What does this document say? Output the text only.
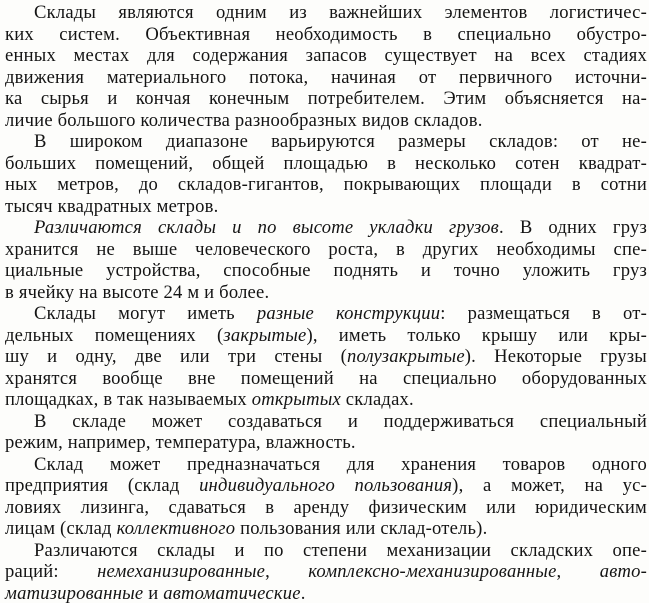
Склады являются одним из важнейших элементов логистичес-
ких систем. Объективная необходимость в специально обустро-
енных местах для содержания запасов существует на всех стадиях
движения материального потока, начиная от первичного источни-
ка сырья и кончая конечным потребителем. Этим объясняется на-
личие большого количества разнообразных видов складов.
В широком диапазоне варьируются размеры складов: от не-
больших помещений, общей площадью в несколько сотен квадрат-
ных метров, до складов-гигантов, покрывающих площади в сотни
тысяч квадратных метров.
Различаются склады и по высоте укладки грузов. В одних груз
хранится не выше человеческого роста, в других необходимы спе-
циальные устройства, способные поднять и точно уложить груз
в ячейку на высоте 24 м и более.
Склады могут иметь разные конструкции: размещаться в от-
дельных помещениях (закрытые), иметь только крышу или кры-
шу и одну, две или три стены (полузакрытые). Некоторые грузы
хранятся вообще вне помещений на специально оборудованных
площадках, в так называемых открытых складах.
В складе может создаваться и поддерживаться специальный
режим, например, температура, влажность.
Склад может предназначаться для хранения товаров одного
предприятия (склад индивидуального пользования), а может, на ус-
ловиях лизинга, сдаваться в аренду физическим или юридическим
лицам (склад коллективного пользования или склад-отель).
Различаются склады и по степени механизации складских опе-
раций: немеханизированные, комплексно-механизированные, авто-
матизированные и автоматические.
